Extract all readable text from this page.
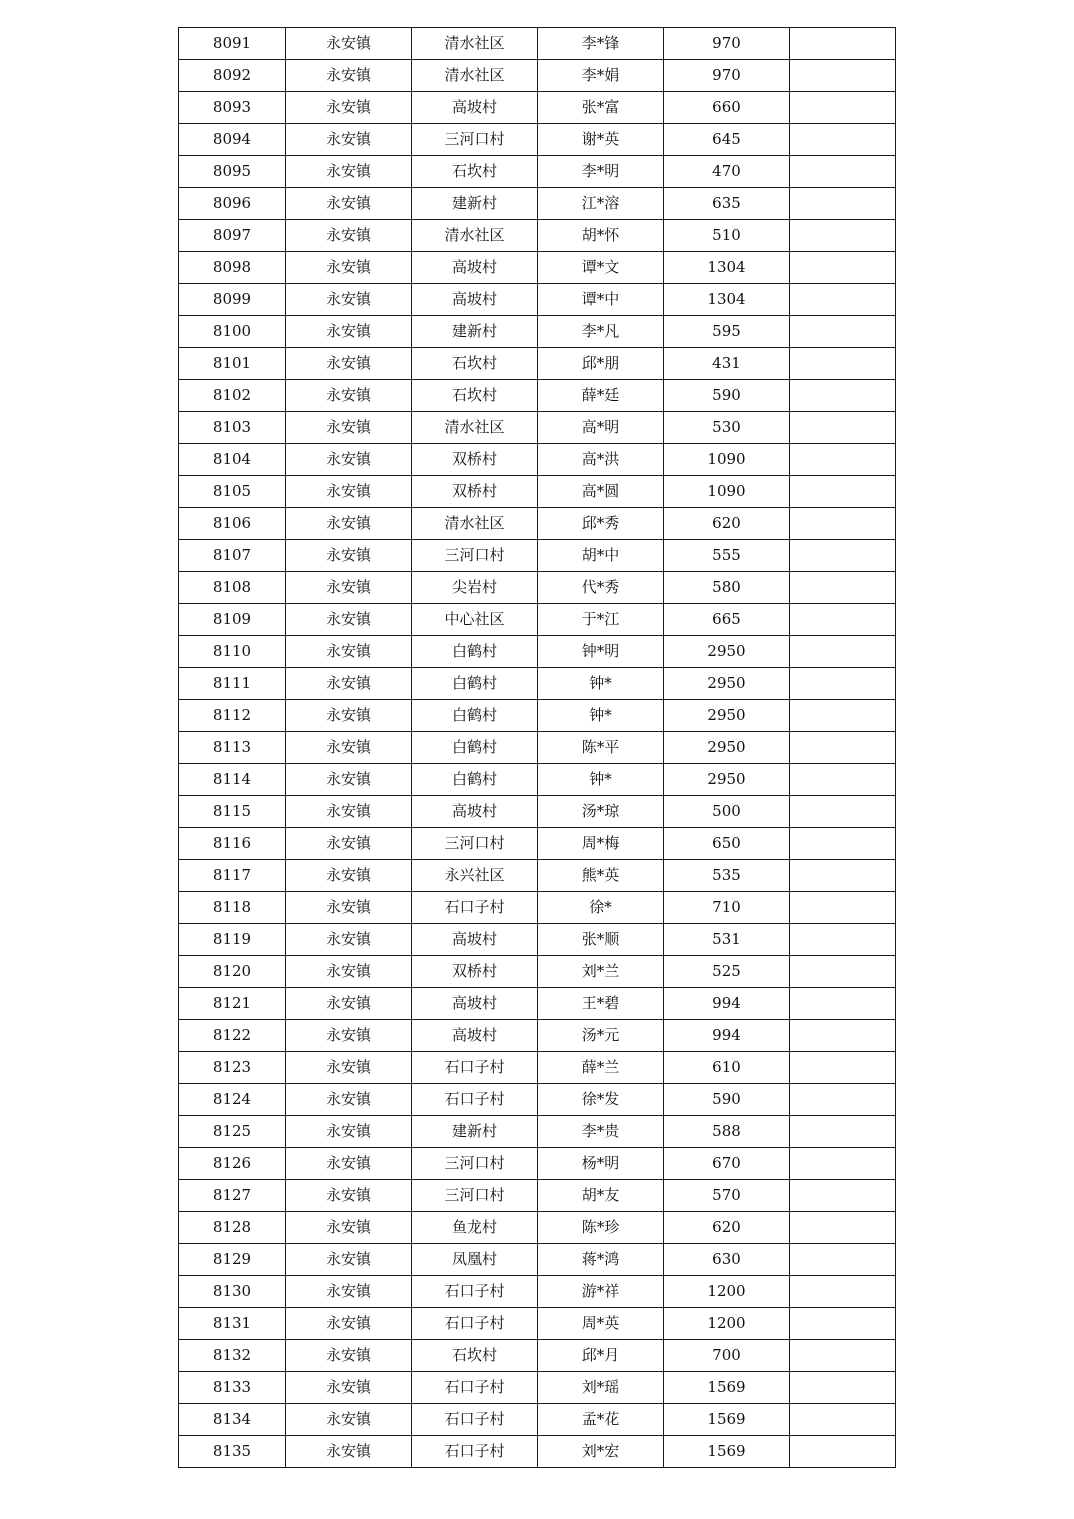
8091	永安镇	清水社区	李*锋	970	
8092	永安镇	清水社区	李*娟	970	
8093	永安镇	高坡村	张*富	660	
8094	永安镇	三河口村	谢*英	645	
8095	永安镇	石坎村	李*明	470	
8096	永安镇	建新村	江*溶	635	
8097	永安镇	清水社区	胡*怀	510	
8098	永安镇	高坡村	谭*文	1304	
8099	永安镇	高坡村	谭*中	1304	
8100	永安镇	建新村	李*凡	595	
8101	永安镇	石坎村	邱*朋	431	
8102	永安镇	石坎村	薛*廷	590	
8103	永安镇	清水社区	高*明	530	
8104	永安镇	双桥村	高*洪	1090	
8105	永安镇	双桥村	高*圆	1090	
8106	永安镇	清水社区	邱*秀	620	
8107	永安镇	三河口村	胡*中	555	
8108	永安镇	尖岩村	代*秀	580	
8109	永安镇	中心社区	于*江	665	
8110	永安镇	白鹤村	钟*明	2950	
8111	永安镇	白鹤村	钟*	2950	
8112	永安镇	白鹤村	钟*	2950	
8113	永安镇	白鹤村	陈*平	2950	
8114	永安镇	白鹤村	钟*	2950	
8115	永安镇	高坡村	汤*琼	500	
8116	永安镇	三河口村	周*梅	650	
8117	永安镇	永兴社区	熊*英	535	
8118	永安镇	石口子村	徐*	710	
8119	永安镇	高坡村	张*顺	531	
8120	永安镇	双桥村	刘*兰	525	
8121	永安镇	高坡村	王*碧	994	
8122	永安镇	高坡村	汤*元	994	
8123	永安镇	石口子村	薛*兰	610	
8124	永安镇	石口子村	徐*发	590	
8125	永安镇	建新村	李*贵	588	
8126	永安镇	三河口村	杨*明	670	
8127	永安镇	三河口村	胡*友	570	
8128	永安镇	鱼龙村	陈*珍	620	
8129	永安镇	凤凰村	蒋*鸿	630	
8130	永安镇	石口子村	游*祥	1200	
8131	永安镇	石口子村	周*英	1200	
8132	永安镇	石坎村	邱*月	700	
8133	永安镇	石口子村	刘*瑶	1569	
8134	永安镇	石口子村	孟*花	1569	
8135	永安镇	石口子村	刘*宏	1569	
